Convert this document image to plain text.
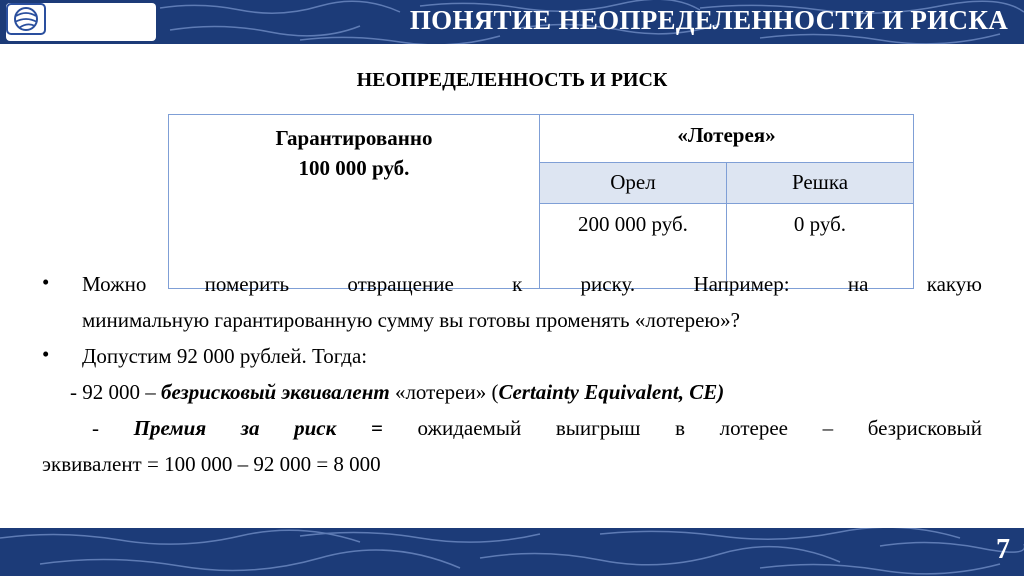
ПОНЯТИЕ НЕОПРЕДЕЛЕННОСТИ И РИСКА
НЕОПРЕДЕЛЕННОСТЬ И РИСК
Гарантированно
100 000 руб.	«Лотерея»	
	Орел	Решка
	200 000 руб.	0 руб.
• Можно померить отвращение к риску. Например: на какую
минимальную гарантированную сумму вы готовы променять «лотерею»?
• Допустим 92 000 рублей. Тогда:
- 92 000 – безрисковый эквивалент «лотереи» (Certainty Equivalent, CE)
- Премия за риск = ожидаемый выигрыш в лотерее – безрисковый
эквивалент = 100 000 – 92 000 = 8 000
7
